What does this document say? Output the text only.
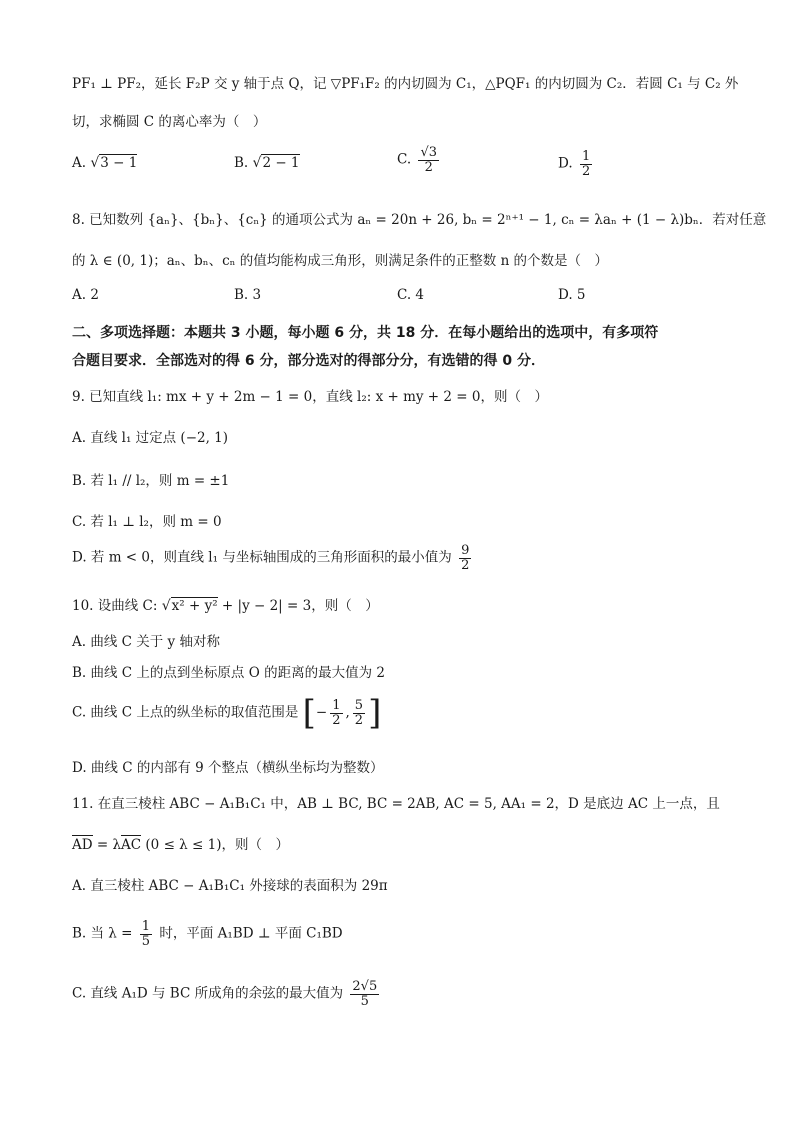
PF₁ ⊥ PF₂，延长 F₂P 交 y 轴于点 Q，记 ▽PF₁F₂ 的内切圆为 C₁，△PQF₁ 的内切圆为 C₂．若圆 C₁ 与 C₂ 外
切，求椭圆 C 的离心率为（　）
A. √3 − 1	B. √2 − 1	C. $\frac{√3}{2}$	D. $\frac{1}{2}$
8. 已知数列 {aₙ}、{bₙ}、{cₙ} 的通项公式为 aₙ = 20n + 26, bₙ = 2ⁿ⁺¹ − 1, cₙ = λaₙ + (1 − λ)bₙ．若对任意
的 λ ∈ (0, 1)；aₙ、bₙ、cₙ 的值均能构成三角形，则满足条件的正整数 n 的个数是（　）
A. 2	B. 3	C. 4	D. 5
二、多项选择题：本题共 3 小题，每小题 6 分，共 18 分．在每小题给出的选项中，有多项符
合题目要求．全部选对的得 6 分，部分选对的得部分分，有选错的得 0 分．
9. 已知直线 l₁: mx + y + 2m − 1 = 0，直线 l₂: x + my + 2 = 0，则（　）
A. 直线 l₁ 过定点 (−2, 1)
B. 若 l₁ // l₂，则 m = ±1
C. 若 l₁ ⊥ l₂，则 m = 0
D. 若 m < 0，则直线 l₁ 与坐标轴围成的三角形面积的最小值为 $\frac{9}{2}$
10. 设曲线 C: √x² + y² + |y − 2| = 3，则（　）
A. 曲线 C 关于 y 轴对称
B. 曲线 C 上的点到坐标原点 O 的距离的最大值为 2
C. 曲线 C 上点的纵坐标的取值范围是 [− $\frac{1}{2}$ , $\frac{5}{2}$ ]
D. 曲线 C 的内部有 9 个整点（横纵坐标均为整数）
11. 在直三棱柱 ABC − A₁B₁C₁ 中，AB ⊥ BC, BC = 2AB, AC = 5, AA₁ = 2，D 是底边 AC 上一点，且
AD = λAC (0 ≤ λ ≤ 1)，则（　）
A. 直三棱柱 ABC − A₁B₁C₁ 外接球的表面积为 29π
B. 当 $\lambda = \frac{1}{5}$ 时，平面 A₁BD ⊥ 平面 C₁BD
C. 直线 A₁D 与 BC 所成角的余弦的最大值为 $\frac{2√5}{5}$
